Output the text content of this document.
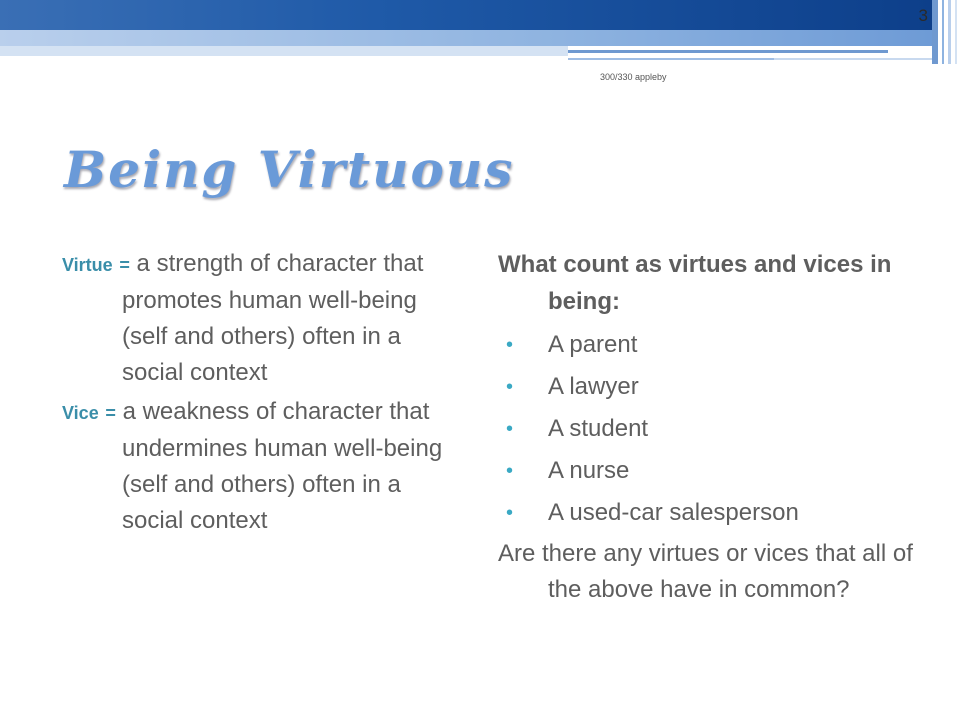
3
300/330 appleby
Being Virtuous

Virtue = a strength of character that promotes human well-being (self and others) often in a social context

Vice = a weakness of character that undermines human well-being (self and others) often in a social context

What count as virtues and vices in being:

• A parent
• A lawyer
• A student
• A nurse
• A used-car salesperson

Are there any virtues or vices that all of the above have in common?
